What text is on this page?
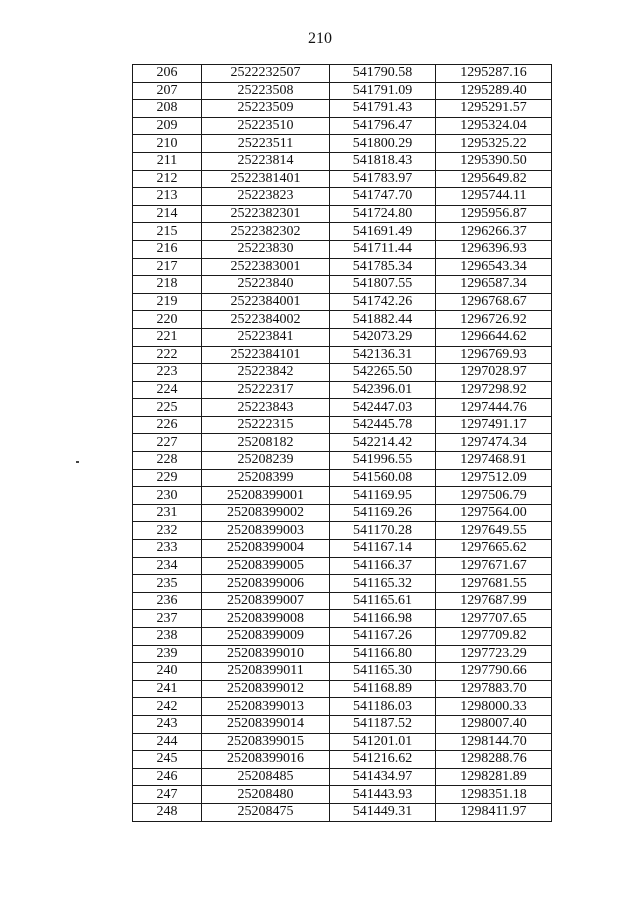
210
206	2522232507	541790.58	1295287.16
207	25223508	541791.09	1295289.40
208	25223509	541791.43	1295291.57
209	25223510	541796.47	1295324.04
210	25223511	541800.29	1295325.22
211	25223814	541818.43	1295390.50
212	2522381401	541783.97	1295649.82
213	25223823	541747.70	1295744.11
214	2522382301	541724.80	1295956.87
215	2522382302	541691.49	1296266.37
216	25223830	541711.44	1296396.93
217	2522383001	541785.34	1296543.34
218	25223840	541807.55	1296587.34
219	2522384001	541742.26	1296768.67
220	2522384002	541882.44	1296726.92
221	25223841	542073.29	1296644.62
222	2522384101	542136.31	1296769.93
223	25223842	542265.50	1297028.97
224	25222317	542396.01	1297298.92
225	25223843	542447.03	1297444.76
226	25222315	542445.78	1297491.17
227	25208182	542214.42	1297474.34
228	25208239	541996.55	1297468.91
229	25208399	541560.08	1297512.09
230	25208399001	541169.95	1297506.79
231	25208399002	541169.26	1297564.00
232	25208399003	541170.28	1297649.55
233	25208399004	541167.14	1297665.62
234	25208399005	541166.37	1297671.67
235	25208399006	541165.32	1297681.55
236	25208399007	541165.61	1297687.99
237	25208399008	541166.98	1297707.65
238	25208399009	541167.26	1297709.82
239	25208399010	541166.80	1297723.29
240	25208399011	541165.30	1297790.66
241	25208399012	541168.89	1297883.70
242	25208399013	541186.03	1298000.33
243	25208399014	541187.52	1298007.40
244	25208399015	541201.01	1298144.70
245	25208399016	541216.62	1298288.76
246	25208485	541434.97	1298281.89
247	25208480	541443.93	1298351.18
248	25208475	541449.31	1298411.97
